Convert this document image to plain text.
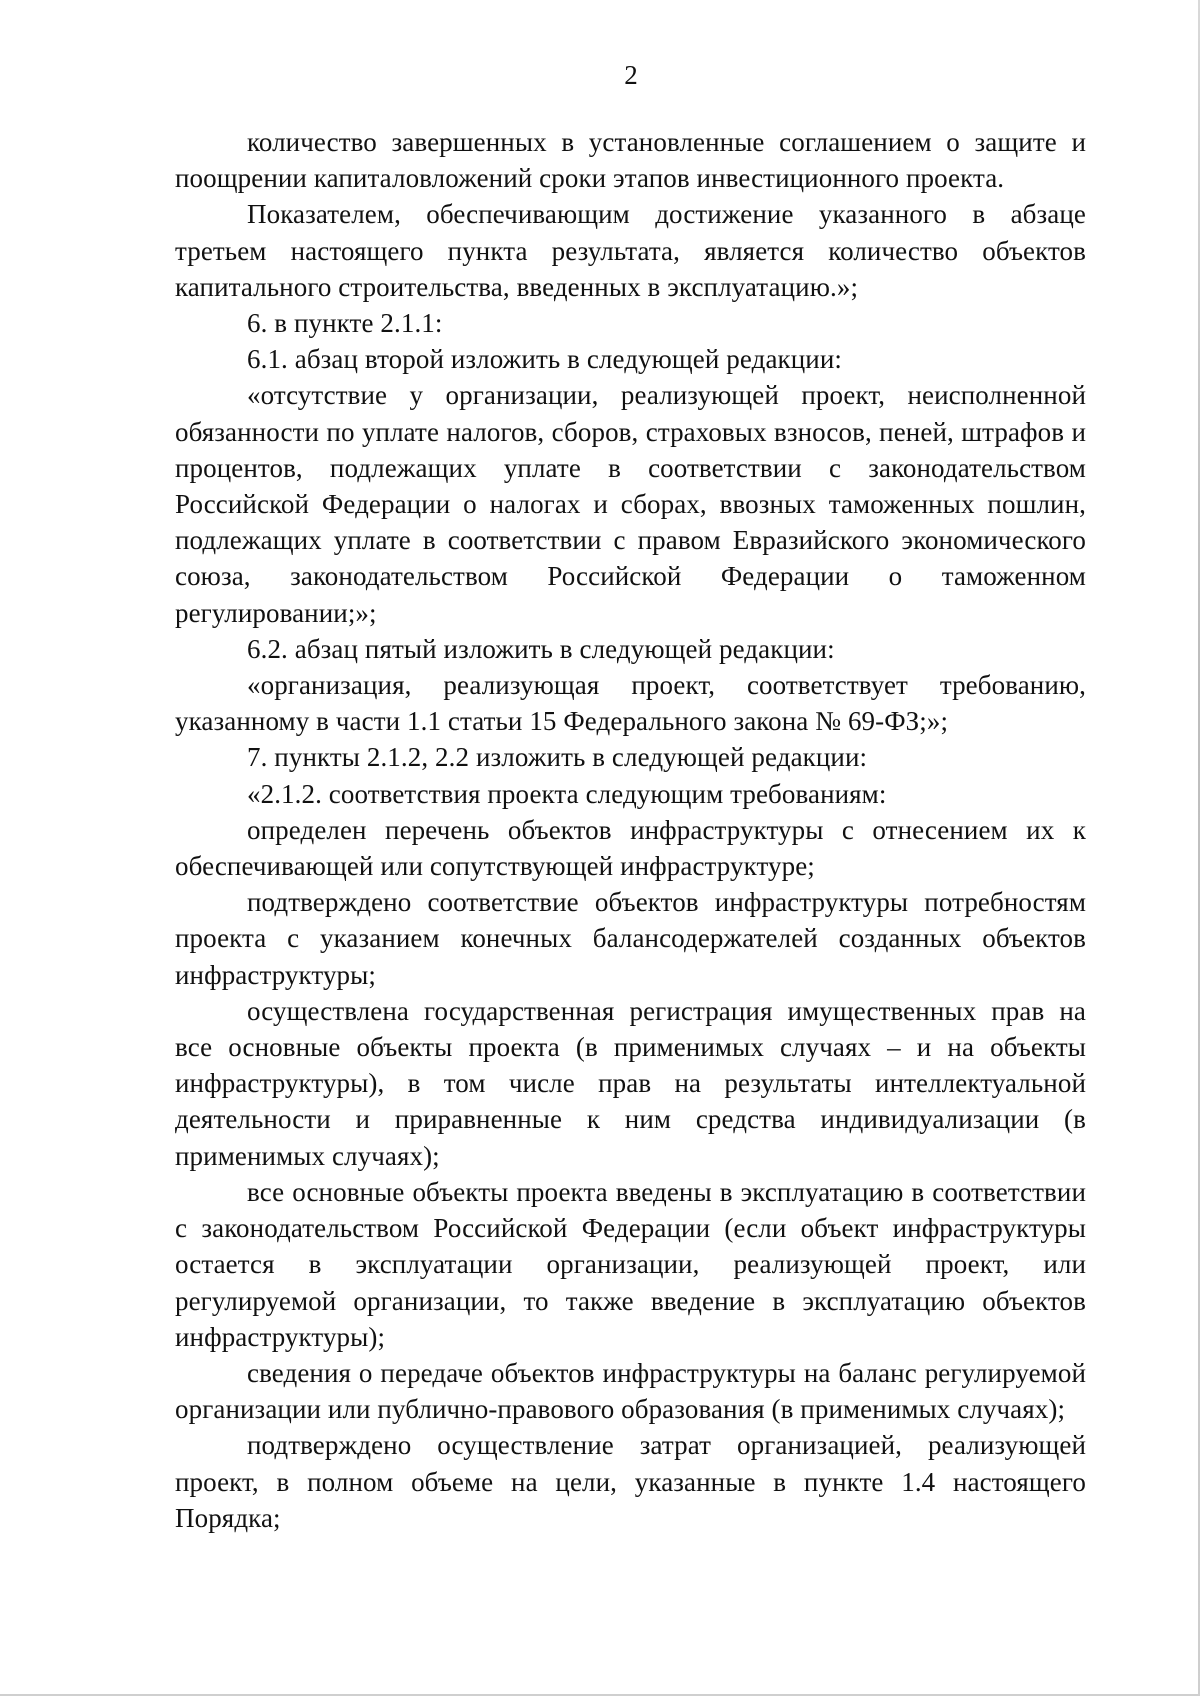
2

количество завершенных в установленные соглашением о защите и поощрении капиталовложений сроки этапов инвестиционного проекта.

Показателем, обеспечивающим достижение указанного в абзаце третьем настоящего пункта результата, является количество объектов капитального строительства, введенных в эксплуатацию.»;

6. в пункте 2.1.1:

6.1. абзац второй изложить в следующей редакции:

«отсутствие у организации, реализующей проект, неисполненной обязанности по уплате налогов, сборов, страховых взносов, пеней, штрафов и процентов, подлежащих уплате в соответствии с законодательством Российской Федерации о налогах и сборах, ввозных таможенных пошлин, подлежащих уплате в соответствии с правом Евразийского экономического союза, законодательством Российской Федерации о таможенном регулировании;»;

6.2. абзац пятый изложить в следующей редакции:

«организация, реализующая проект, соответствует требованию, указанному в части 1.1 статьи 15 Федерального закона № 69-ФЗ;»;

7. пункты 2.1.2, 2.2 изложить в следующей редакции:

«2.1.2. соответствия проекта следующим требованиям:

определен перечень объектов инфраструктуры с отнесением их к обеспечивающей или сопутствующей инфраструктуре;

подтверждено соответствие объектов инфраструктуры потребностям проекта с указанием конечных балансодержателей созданных объектов инфраструктуры;

осуществлена государственная регистрация имущественных прав на все основные объекты проекта (в применимых случаях – и на объекты инфраструктуры), в том числе прав на результаты интеллектуальной деятельности и приравненные к ним средства индивидуализации (в применимых случаях);

все основные объекты проекта введены в эксплуатацию в соответствии с законодательством Российской Федерации (если объект инфраструктуры остается в эксплуатации организации, реализующей проект, или регулируемой организации, то также введение в эксплуатацию объектов инфраструктуры);

сведения о передаче объектов инфраструктуры на баланс регулируемой организации или публично-правового образования (в применимых случаях);

подтверждено осуществление затрат организацией, реализующей проект, в полном объеме на цели, указанные в пункте 1.4 настоящего Порядка;
